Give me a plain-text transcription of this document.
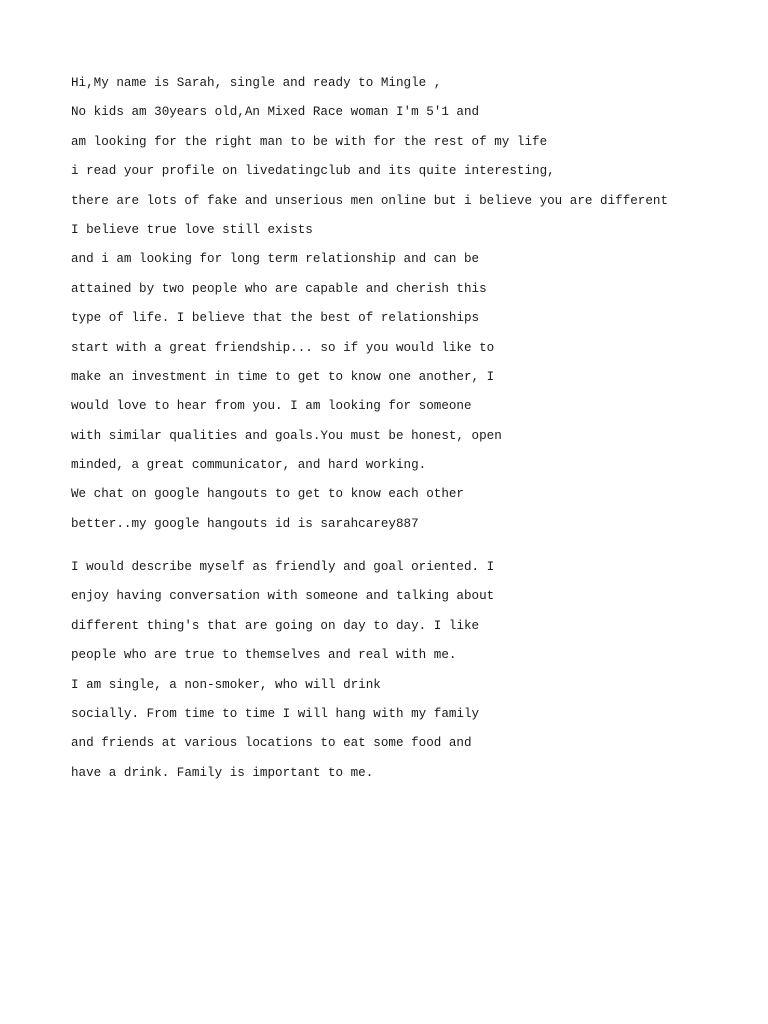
Hi,My name is Sarah, single and ready to Mingle ,
No kids am 30years old,An Mixed Race woman I'm 5'1 and
am looking for the right man to be with for the rest of my life
i read your profile on livedatingclub and its quite interesting,
there are lots of fake and unserious men online but i believe you are different
I believe true love still exists
and i am looking for long term relationship and can be
attained by two people who are capable and cherish this
type of life. I believe that the best of relationships
start with a great friendship... so if you would like to
make an investment in time to get to know one another, I
would love to hear from you. I am looking for someone
with similar qualities and goals.You must be honest, open
minded, a great communicator, and hard working.
We chat on google hangouts to get to know each other
better..my google hangouts id is sarahcarey887
I would describe myself as friendly and goal oriented. I
enjoy having conversation with someone and talking about
different thing's that are going on day to day. I like
people who are true to themselves and real with me.
I am single, a non-smoker, who will drink
socially. From time to time I will hang with my family
and friends at various locations to eat some food and
have a drink. Family is important to me.
